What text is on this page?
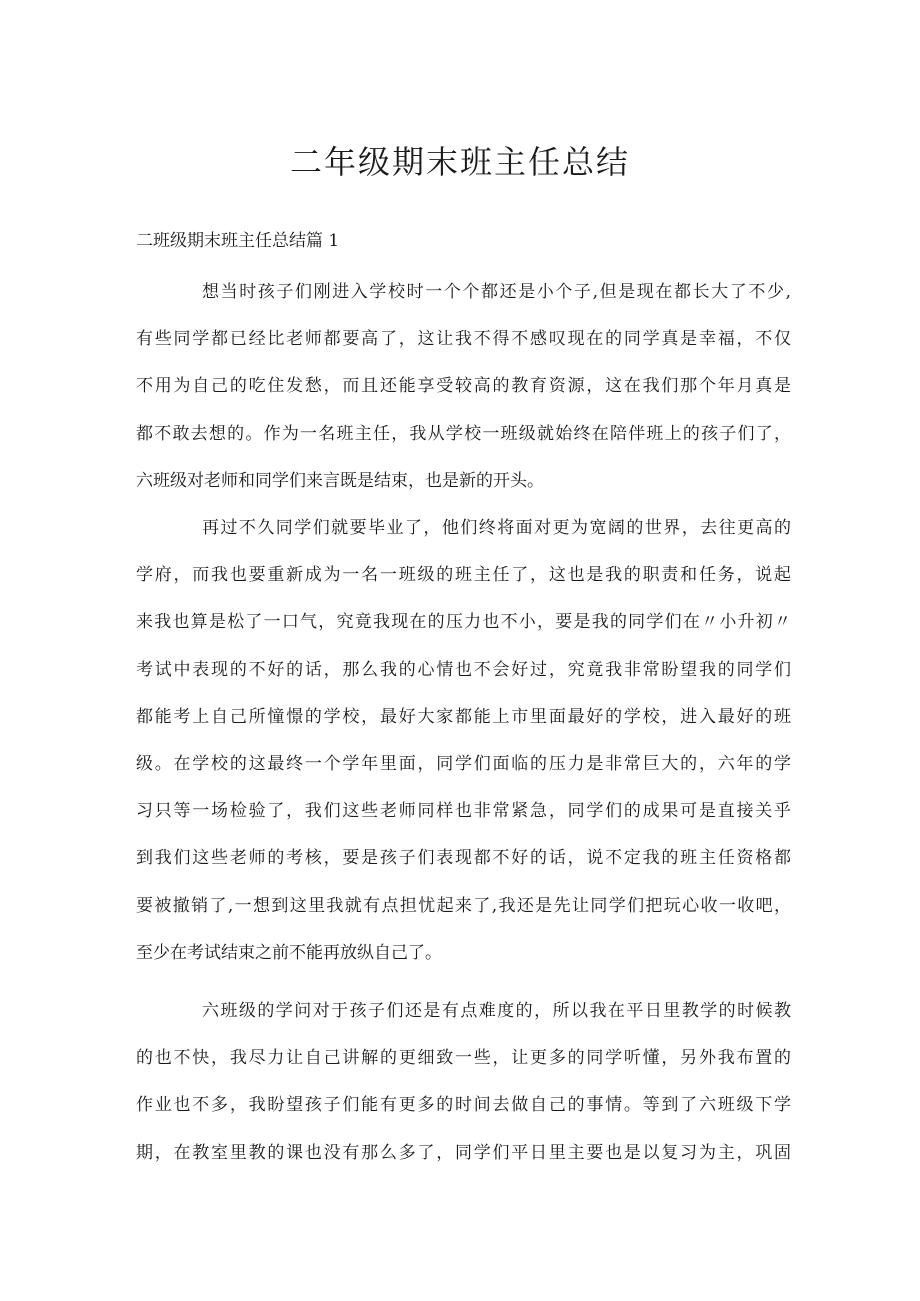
二年级期末班主任总结
二班级期末班主任总结篇 1
想当时孩子们刚进入学校时一个个都还是小个子,但是现在都长大了不少,
有些同学都已经比老师都要高了，这让我不得不感叹现在的同学真是幸福，不仅
不用为自己的吃住发愁，而且还能享受较高的教育资源，这在我们那个年月真是
都不敢去想的。作为一名班主任，我从学校一班级就始终在陪伴班上的孩子们了，
六班级对老师和同学们来言既是结束，也是新的开头。
再过不久同学们就要毕业了，他们终将面对更为宽阔的世界，去往更高的
学府，而我也要重新成为一名一班级的班主任了，这也是我的职责和任务，说起
来我也算是松了一口气，究竟我现在的压力也不小，要是我的同学们在〃小升初〃
考试中表现的不好的话，那么我的心情也不会好过，究竟我非常盼望我的同学们
都能考上自己所憧憬的学校，最好大家都能上市里面最好的学校，进入最好的班
级。在学校的这最终一个学年里面，同学们面临的压力是非常巨大的，六年的学
习只等一场检验了，我们这些老师同样也非常紧急，同学们的成果可是直接关乎
到我们这些老师的考核，要是孩子们表现都不好的话，说不定我的班主任资格都
要被撤销了,一想到这里我就有点担忧起来了,我还是先让同学们把玩心收一收吧，
至少在考试结束之前不能再放纵自己了。
六班级的学问对于孩子们还是有点难度的，所以我在平日里教学的时候教
的也不快，我尽力让自己讲解的更细致一些，让更多的同学听懂，另外我布置的
作业也不多，我盼望孩子们能有更多的时间去做自己的事情。等到了六班级下学
期，在教室里教的课也没有那么多了，同学们平日里主要也是以复习为主，巩固
